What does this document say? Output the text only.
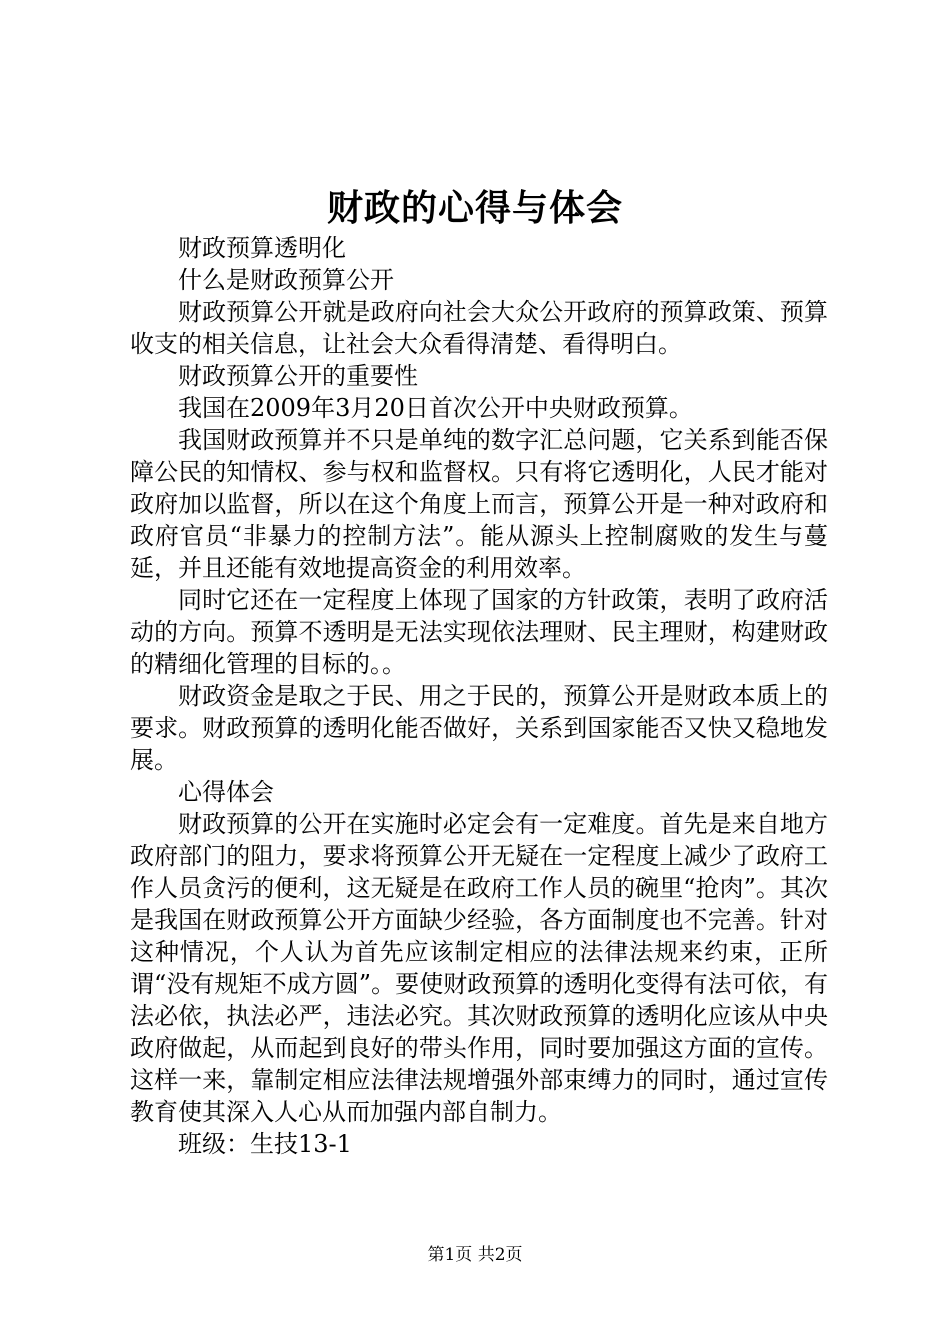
财政的心得与体会

财政预算透明化

什么是财政预算公开

财政预算公开就是政府向社会大众公开政府的预算政策、预算收支的相关信息，让社会大众看得清楚、看得明白。

财政预算公开的重要性

我国在2009年3月20日首次公开中央财政预算。

我国财政预算并不只是单纯的数字汇总问题，它关系到能否保障公民的知情权、参与权和监督权。只有将它透明化，人民才能对政府加以监督，所以在这个角度上而言，预算公开是一种对政府和政府官员“非暴力的控制方法”。能从源头上控制腐败的发生与蔓延，并且还能有效地提高资金的利用效率。

同时它还在一定程度上体现了国家的方针政策，表明了政府活动的方向。预算不透明是无法实现依法理财、民主理财，构建财政的精细化管理的目标的。。

财政资金是取之于民、用之于民的，预算公开是财政本质上的要求。财政预算的透明化能否做好，关系到国家能否又快又稳地发展。

心得体会

财政预算的公开在实施时必定会有一定难度。首先是来自地方政府部门的阻力，要求将预算公开无疑在一定程度上减少了政府工作人员贪污的便利，这无疑是在政府工作人员的碗里“抢肉”。其次是我国在财政预算公开方面缺少经验，各方面制度也不完善。针对这种情况，个人认为首先应该制定相应的法律法规来约束，正所谓“没有规矩不成方圆”。要使财政预算的透明化变得有法可依，有法必依，执法必严，违法必究。其次财政预算的透明化应该从中央政府做起，从而起到良好的带头作用，同时要加强这方面的宣传。这样一来，靠制定相应法律法规增强外部束缚力的同时，通过宣传教育使其深入人心从而加强内部自制力。

班级：生技13-1

第1页 共2页
